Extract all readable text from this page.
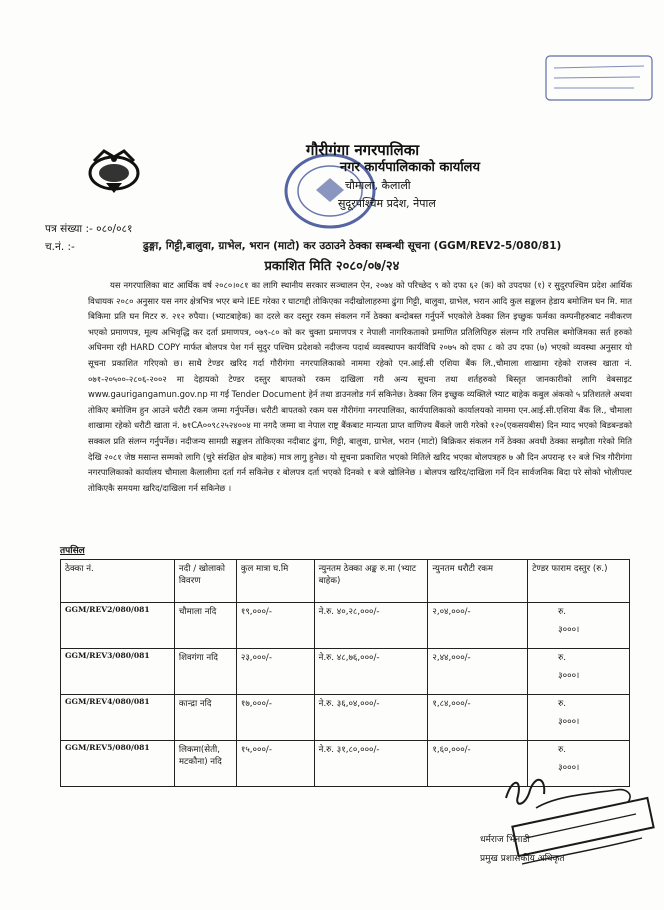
गौरीगंगा नगरपालिका
नगर कार्यपालिकाको कार्यालय
चौमाला, कैलाली
सुदूरपश्चिम प्रदेश, नेपाल
पत्र संख्या :- ०८०/०८१
च.नं. :-	ढुङ्गा, गिट्टी,बालुवा, ग्राभेल, भरान (माटो) कर उठाउने ठेक्का सम्बन्धी सूचना (GGM/REV2-5/080/81)
प्रकाशित मिति २०८०/०७/२४

यस नगरपालिका बाट आर्थिक वर्ष २०८०।०८१ का लागि स्थानीय सरकार सञ्चालन ऐन, २०७४ को परिच्छेद ९ को दफा ६२ (क) को उपदफा (१) र सुदुरपश्चिम प्रदेश आर्थिक विधायक २०८० अनुसार यस नगर क्षेत्रभित्र भएर बग्ने IEE गरेका र घाटगद्दी तोकिएका नदीखोलाहरुमा ढुंगा गिट्टी, बालुवा, ग्राभेल, भरान आदि कुल सङ्कलन हेडाय बमोजिम घन मि. मात बिकिमा प्रति घन मिटर रु. २१२ रुपैया। (भ्याटबाहेक) का दरले कर दस्तुर रकम संकलन गर्ने ठेक्का बन्दोबस्त गर्नुपर्ने भएकोले ठेक्का लिन इच्छुक फर्मका कम्पनीहरुबाट नवीकरण भएको प्रमाणपत्र, मूल्य अभिवृद्धि कर दर्ता प्रमाणपत्र, ०७९-८० को कर चुक्ता प्रमाणपत्र र नेपाली नागरिकताको प्रमाणित प्रतिलिपिहरु संलग्न गरि तपसिल बमोजिमका सर्त हरुको अधिनमा रही HARD COPY मार्फत बोलपत्र पेश गर्न सुदुर पश्चिम प्रदेशको नदीजन्य पदार्थ व्यवस्थापन कार्यविधि २०७५ को दफा ८ को उप दफा (७) भएको व्यवस्था अनुसार यो सूचना प्रकाशित गरिएको छ। साथै टेण्डर खरिद गर्दा गौरीगंगा नगरपालिकाको नाममा रहेको एन.आई.सी एशिया बैंक लि.,चौमाला शाखामा रहेको राजस्व खाता नं. ०७१-२०५००-२८०६-२००२ मा देहायको टेण्डर दस्तुर बापतको रकम दाखिला गरी अन्य सूचना तथा शर्तहरुको बिस्तृत जानकारीको लागि वेबसाइट www.gaurigangamun.gov.np मा गई Tender Document हेर्न तथा डाउनलोड गर्न सकिनेछ। ठेक्का लिन इच्छुक व्यक्तिले भ्याट बाहेक कबुल अंकको ५ प्रतिशतले अथवा तोकिए बमोजिम हुन आउने धरौटी रकम जम्मा गर्नुपर्नेछ। धरौटी बापतको रकम यस गौरीगंगा नगरपालिका, कार्यपालिकाको कार्यालयको नाममा एन.आई.सी.एशिया बैंक लि., चौमाला शाखामा रहेको धरौटी खाता नं. ७१CA००९८२५२४००४ मा नगदै जम्मा वा नेपाल राष्ट्र बैंकबाट मान्यता प्राप्त वाणिज्य बैंकले जारी गरेको १२०(एकसयबीस) दिन म्याद भएको बिडबन्डको सक्कल प्रति संलग्न गर्नुपर्नेछ। नदीजन्य सामग्री सङ्कलन तोकिएका नदीबाट ढुंगा, गिट्टी, बालुवा, ग्राभेल, भरान (माटो) बिक्रिकर संकलन गर्ने ठेक्का अवधी ठेक्का सम्झौता गरेको मिति देखि २०८१ जेष्ठ मसान्त सम्मको लागि (चुरे संरक्षित क्षेत्र बाहेक) मात्र लागु हुनेछ। यो सूचना प्रकाशित भएको मितिले खरिद भएका बोलपत्रहरु ७ औ दिन अपरान्ह १२ बजे भित्र गौरीगंगा नगरपालिकाको कार्यालय चौमाला कैलालीमा दर्ता गर्न सकिनेछ र बोलपत्र दर्ता भएको दिनको १ बजे खोलिनेछ । बोलपत्र खरिद/दाखिला गर्ने दिन सार्वजनिक बिदा परे सोको भोलीपल्ट तोकिएकै समयमा खरिद/दाखिला गर्न सकिनेछ ।

तपसिल
ठेक्का नं.	नदी / खोलाको विवरण	कुल मात्रा घ.मि	न्युनतम ठेक्का अङ्क रु.मा (भ्याट बाहेक)	न्युनतम धरौटी रकम	टेण्डर फाराम दस्तुर (रु.)
GGM/REV2/080/081	चौमाला नदि	१९,०००/-	ने.रु. ४०,२८,०००/-	२,०४,०००/-	रु.
३०००।

GGM/REV3/080/081	शिवगंगा नदि	२३,०००/-	ने.रु. ४८,७६,०००/-	२,४४,०००/-	रु.
३०००।

GGM/REV4/080/081	कान्द्रा नदि	१७,०००/-	ने.रु. ३६,०४,०००/-	१,८४,०००/-	रु.
३०००।

GGM/REV5/080/081	लिकमा(सेती, मटकौना) नदि	१५,०००/-	ने.रु. ३१,८०,०००/-	१,६०,०००/-	रु.
३०००।
धर्मराज भिनाडी
प्रमुख प्रशासकीय अधिकृत
